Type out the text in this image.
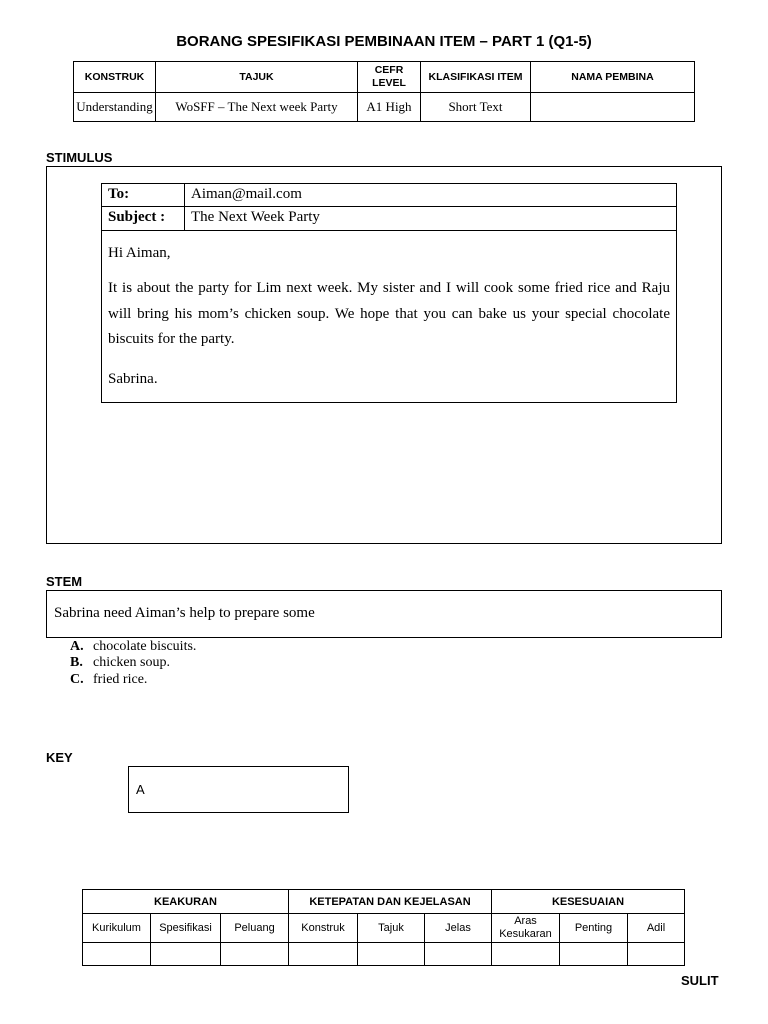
BORANG SPESIFIKASI PEMBINAAN ITEM – PART 1 (Q1-5)
KONSTRUK	TAJUK	CEFR LEVEL	KLASIFIKASI ITEM	NAMA PEMBINA
Understanding	WoSFF – The Next week Party	A1 High	Short Text	
STIMULUS
To:	Aiman@mail.com
Subject : The Next Week Party
Hi Aiman,
It is about the party for Lim next week. My sister and I will cook some fried rice and Raju will bring his mom’s chicken soup. We hope that you can bake us your special chocolate biscuits for the party.
Sabrina.
STEM
Sabrina need Aiman’s help to prepare some
A. chocolate biscuits.
B. chicken soup.
C. fried rice.
KEY
A
KEAKURAN			KETEPATAN DAN KEJELASAN			KESESUAIAN		
Kurikulum	Spesifikasi	Peluang	Konstruk	Tajuk	Jelas	Aras Kesukaran	Penting	Adil

SULIT
